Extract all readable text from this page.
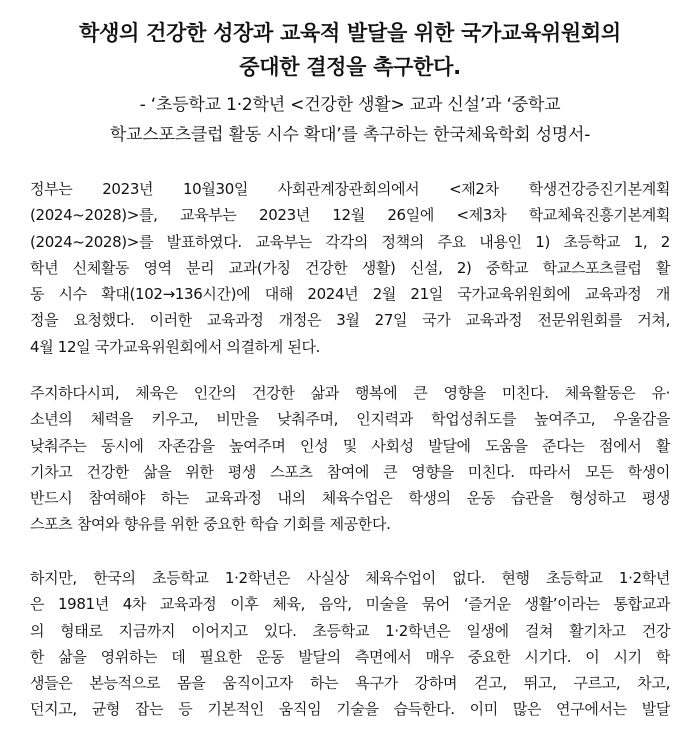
학생의 건강한 성장과 교육적 발달을 위한 국가교육위원회의
중대한 결정을 촉구한다.
- ‘초등학교 1·2학년 <건강한 생활> 교과 신설’과 ‘중학교
학교스포츠클럽 활동 시수 확대’를 촉구하는 한국체육학회 성명서-
정부는 2023년 10월30일 사회관계장관회의에서 <제2차 학생건강증진기본계획
(2024~2028)>를, 교육부는 2023년 12월 26일에 <제3차 학교체육진흥기본계획
(2024~2028)>를 발표하였다. 교육부는 각각의 정책의 주요 내용인 1) 초등학교 1, 2
학년 신체활동 영역 분리 교과(가칭 건강한 생활) 신설, 2) 중학교 학교스포츠클럽 활
동 시수 확대(102→136시간)에 대해 2024년 2월 21일 국가교육위원회에 교육과정 개
정을 요청했다. 이러한 교육과정 개정은 3월 27일 국가 교육과정 전문위원회를 거쳐,
4월 12일 국가교육위원회에서 의결하게 된다.
주지하다시피, 체육은 인간의 건강한 삶과 행복에 큰 영향을 미친다. 체육활동은 유·
소년의 체력을 키우고, 비만을 낮춰주며, 인지력과 학업성취도를 높여주고, 우울감을
낮춰주는 동시에 자존감을 높여주며 인성 및 사회성 발달에 도움을 준다는 점에서 활
기차고 건강한 삶을 위한 평생 스포츠 참여에 큰 영향을 미친다. 따라서 모든 학생이
반드시 참여해야 하는 교육과정 내의 체육수업은 학생의 운동 습관을 형성하고 평생
스포츠 참여와 향유를 위한 중요한 학습 기회를 제공한다.
하지만, 한국의 초등학교 1·2학년은 사실상 체육수업이 없다. 현행 초등학교 1·2학년
은 1981년 4차 교육과정 이후 체육, 음악, 미술을 묶어 ‘즐거운 생활’이라는 통합교과
의 형태로 지금까지 이어지고 있다. 초등학교 1·2학년은 일생에 걸쳐 활기차고 건강
한 삶을 영위하는 데 필요한 운동 발달의 측면에서 매우 중요한 시기다. 이 시기 학
생들은 본능적으로 몸을 움직이고자 하는 욕구가 강하며 걷고, 뛰고, 구르고, 차고,
던지고, 균형 잡는 등 기본적인 움직임 기술을 습득한다. 이미 많은 연구에서는 발달
